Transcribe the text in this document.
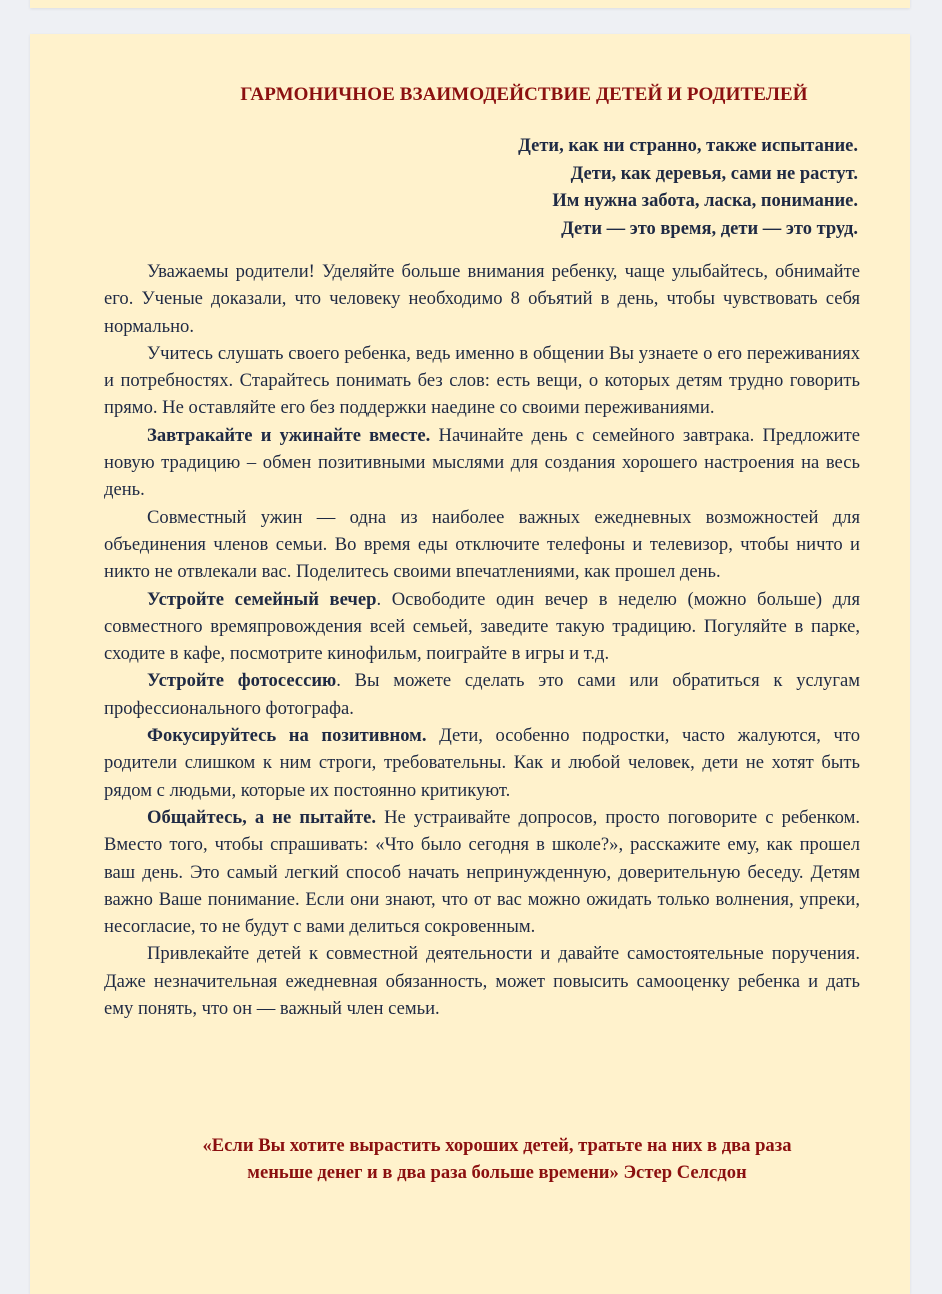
ГАРМОНИЧНОЕ ВЗАИМОДЕЙСТВИЕ ДЕТЕЙ И РОДИТЕЛЕЙ
Дети, как ни странно, также испытание.
Дети, как деревья, сами не растут.
Им нужна забота, ласка, понимание.
Дети — это время, дети — это труд.

Уважаемы родители! Уделяйте больше внимания ребенку, чаще улыбайтесь, обнимайте его. Ученые доказали, что человеку необходимо 8 объятий в день, чтобы чувствовать себя нормально.

Учитесь слушать своего ребенка, ведь именно в общении Вы узнаете о его переживаниях и потребностях. Старайтесь понимать без слов: есть вещи, о которых детям трудно говорить прямо. Не оставляйте его без поддержки наедине со своими переживаниями.

Завтракайте и ужинайте вместе. Начинайте день с семейного завтрака. Предложите новую традицию – обмен позитивными мыслями для создания хорошего настроения на весь день.

Совместный ужин — одна из наиболее важных ежедневных возможностей для объединения членов семьи. Во время еды отключите телефоны и телевизор, чтобы ничто и никто не отвлекали вас. Поделитесь своими впечатлениями, как прошел день.

Устройте семейный вечер. Освободите один вечер в неделю (можно больше) для совместного времяпровождения всей семьей, заведите такую традицию. Погуляйте в парке, сходите в кафе, посмотрите кинофильм, поиграйте в игры и т.д.

Устройте фотосессию. Вы можете сделать это сами или обратиться к услугам профессионального фотографа.

Фокусируйтесь на позитивном. Дети, особенно подростки, часто жалуются, что родители слишком к ним строги, требовательны. Как и любой человек, дети не хотят быть рядом с людьми, которые их постоянно критикуют.

Общайтесь, а не пытайте. Не устраивайте допросов, просто поговорите с ребенком. Вместо того, чтобы спрашивать: «Что было сегодня в школе?», расскажите ему, как прошел ваш день. Это самый легкий способ начать непринужденную, доверительную беседу. Детям важно Ваше понимание. Если они знают, что от вас можно ожидать только волнения, упреки, несогласие, то не будут с вами делиться сокровенным.

Привлекайте детей к совместной деятельности и давайте самостоятельные поручения. Даже незначительная ежедневная обязанность, может повысить самооценку ребенка и дать ему понять, что он — важный член семьи.

«Если Вы хотите вырастить хороших детей, тратьте на них в два раза
меньше денег и в два раза больше времени» Эстер Селсдон
